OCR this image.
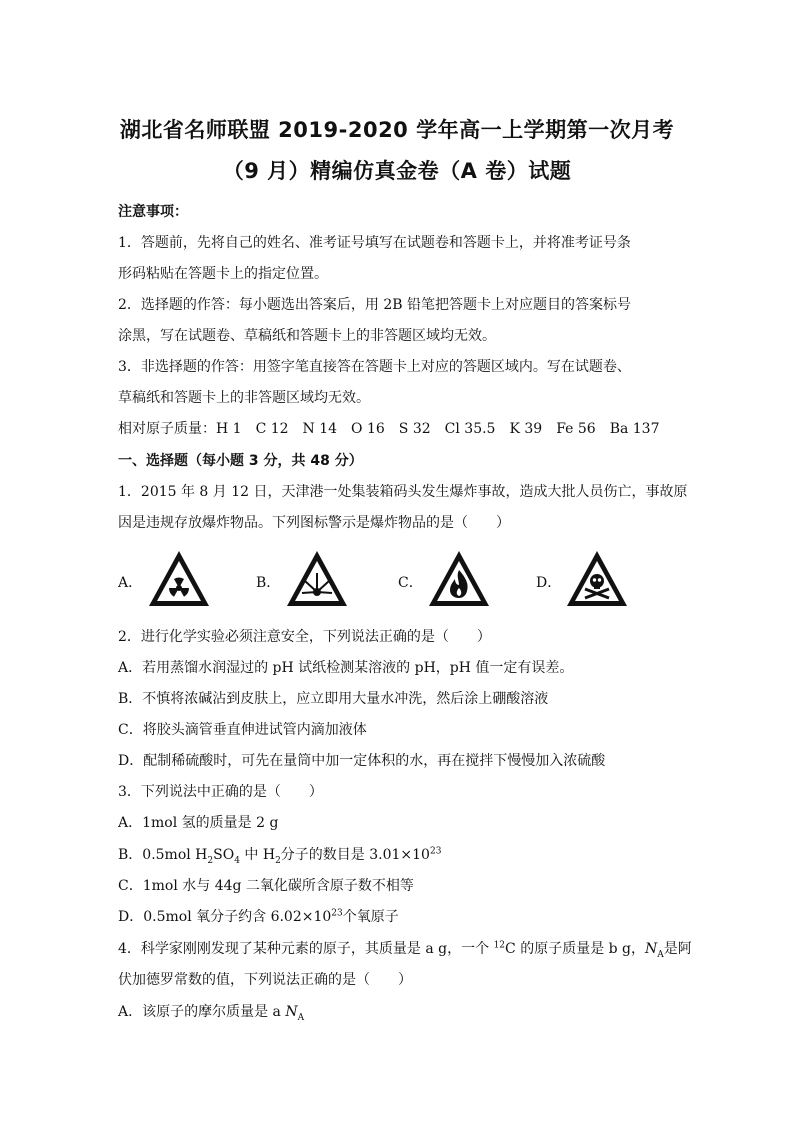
湖北省名师联盟 2019-2020 学年高一上学期第一次月考
（9 月）精编仿真金卷（A 卷）试题
注意事项：
1．答题前，先将自己的姓名、准考证号填写在试题卷和答题卡上，并将准考证号条
形码粘贴在答题卡上的指定位置。
2．选择题的作答：每小题选出答案后，用 2B 铅笔把答题卡上对应题目的答案标号
涂黑，写在试题卷、草稿纸和答题卡上的非答题区域均无效。
3．非选择题的作答：用签字笔直接答在答题卡上对应的答题区域内。写在试题卷、
草稿纸和答题卡上的非答题区域均无效。
相对原子质量：H 1　C 12　N 14　O 16　S 32　Cl 35.5　K 39　Fe 56　Ba 137
一、选择题（每小题 3 分，共 48 分）
1．2015 年 8 月 12 日，天津港一处集装箱码头发生爆炸事故，造成大批人员伤亡，事故原
因是违规存放爆炸物品。下列图标警示是爆炸物品的是（　　）
A．	B．	C．	D．
2．进行化学实验必须注意安全，下列说法正确的是（　　）
A．若用蒸馏水润湿过的 pH 试纸检测某溶液的 pH，pH 值一定有误差。
B．不慎将浓碱沾到皮肤上，应立即用大量水冲洗，然后涂上硼酸溶液
C．将胶头滴管垂直伸进试管内滴加液体
D．配制稀硫酸时，可先在量筒中加一定体积的水，再在搅拌下慢慢加入浓硫酸
3．下列说法中正确的是（　　）
A．1mol 氢的质量是 2 g
B．0.5mol $H_2SO_4$ 中 $H_2$分子的数目是 $3.01\times 10^{23}$
C．1mol 水与 44g 二氧化碳所含原子数不相等
D．0.5mol 氧分子约含 $6.02\times 10^{23}$个氧原子
4．科学家刚刚发现了某种元素的原子，其质量是 a g，一个 $^{12}$C 的原子质量是 b g，$N_A$是阿
伏加德罗常数的值，下列说法正确的是（　　）
A．该原子的摩尔质量是 a $N_A$
